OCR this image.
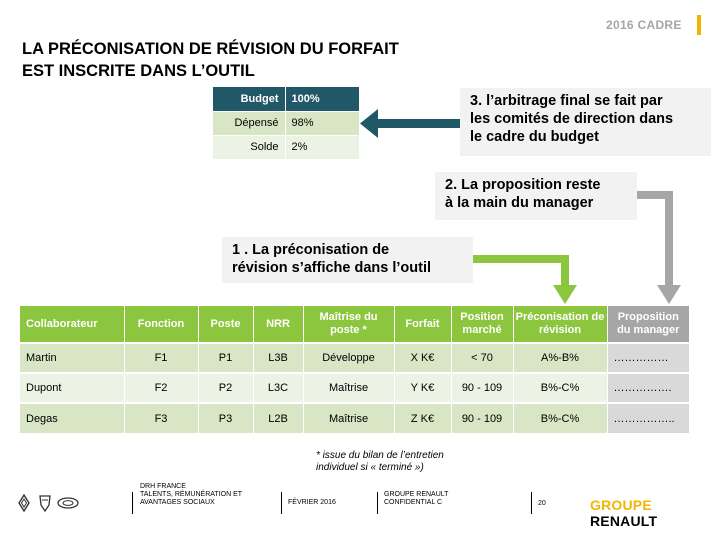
2016 CADRE
LA PRÉCONISATION DE RÉVISION DU FORFAIT
EST INSCRITE DANS L’OUTIL
Budget	100%
Dépensé	98%
Solde	2%
3. l’arbitrage final se fait par
les comités de direction dans
le cadre du budget
2. La proposition reste
à la main du manager
1 . La préconisation de
révision s’affiche dans l’outil
Collaborateur	Fonction	Poste	NRR	Maîtrise du poste *	Forfait	Position marché	Préconisation de révision	Proposition du manager
Martin	F1	P1	L3B	Développe	X K€	< 70	A%-B%	……………
Dupont	F2	P2	L3C	Maîtrise	Y K€	90 - 109	B%-C%	…………….
Degas	F3	P3	L2B	Maîtrise	Z K€	90 - 109	B%-C%	……………..
* issue du bilan de l’entretien
individuel si « terminé »)
DRH FRANCE
TALENTS, RÉMUNÉRATION ET
AVANTAGES SOCIAUX	FÉVRIER 2016
GROUPE RENAULT
CONFIDENTIAL C	20	GROUPE RENAULT
